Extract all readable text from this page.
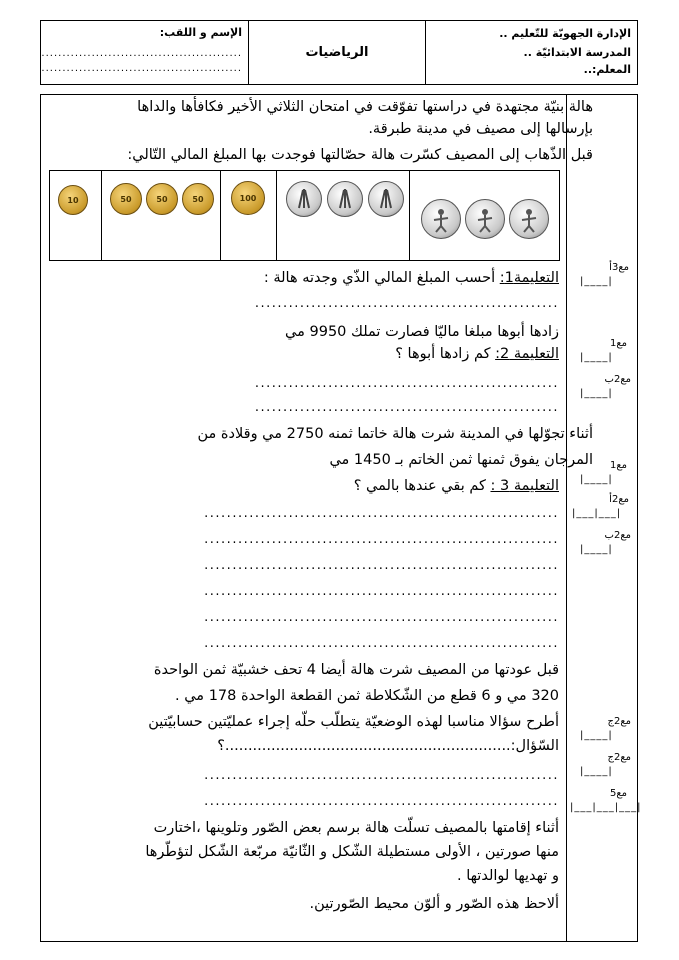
الإدارة الجهويّة للتّعليم ..
المدرسة الابتدائيّة ..
المعلم:..
الرياضيات
الإسم و اللقب:
................................................
................................................
هالة بنيّة مجتهدة في دراستها تفوّقت في امتحان الثلاثي الأخير فكافأها والداها
بإرسالها إلى مصيف في مدينة طبرقة.
قبل الذّهاب إلى المصيف كسّرت هالة حصّالتها فوجدت بها المبلغ المالي التّالي:
10	50	50	50	100
التعليمة1: أحسب المبلغ المالي الذّي وجدته هالة :
......................................................
زادها أبوها مبلغا ماليّا فصارت تملك 9950 مي
التعليمة 2: كم زادها أبوها ؟
......................................................
......................................................
أثناء تجوّلها في المدينة شرت هالة خاتما ثمنه 2750 مي وقلادة من
المرجان يفوق ثمنها ثمن الخاتم بـ 1450 مي
التعليمة 3 : كم بقي عندها بالمي ؟
...............................................................
...............................................................
...............................................................
...............................................................
...............................................................
...............................................................
قبل عودتها من المصيف شرت هالة أيضا 4 تحف خشبيّة ثمن الواحدة
320 مي و 6 قطع من الشّكلاطة ثمن القطعة الواحدة 178 مي .
أطرح سؤالا مناسبا لهذه الوضعيّة يتطلّب حلّه إجراء عمليّتين حسابيّتين
السّؤال:..............................................................؟
...............................................................
...............................................................
أثناء إقامتها بالمصيف تسلّت هالة برسم بعض الصّور وتلوينها ،اختارت
منها صورتين ، الأولى مستطيلة الشّكل و الثّانيّة مربّعة الشّكل لتؤطّرها
و تهديها لوالدتها .
ألاحظ هذه الصّور و ألوّن محيط الصّورتين.
مع3أ
|____|
مع1
|____|
مع2ب
|____|
مع1
|____|
مع2أ
|___|___|
مع2ب
|____|
مع2ج
|____|
مع2ج
|____|
مع5
|___|___|___|
